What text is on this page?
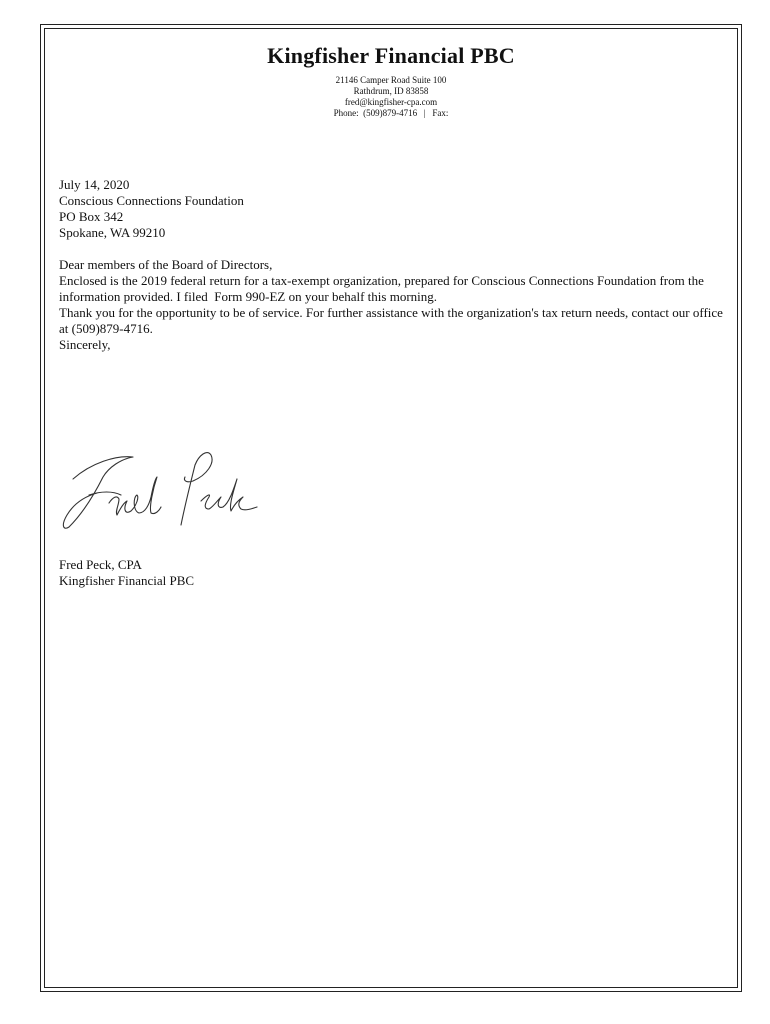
Kingfisher Financial PBC
21146 Camper Road Suite 100
Rathdrum, ID 83858
fred@kingfisher-cpa.com
Phone:  (509)879-4716   |   Fax:

July 14, 2020

Conscious Connections Foundation

PO Box 342

Spokane, WA 99210

Dear members of the Board of Directors,

Enclosed is the 2019 federal return for a tax-exempt organization, prepared for Conscious Connections Foundation from the information provided. I filed  Form 990-EZ on your behalf this morning.

Thank you for the opportunity to be of service. For further assistance with the organization's tax return needs, contact our office at (509)879-4716.

Sincerely,

Fred Peck, CPA
Kingfisher Financial PBC
